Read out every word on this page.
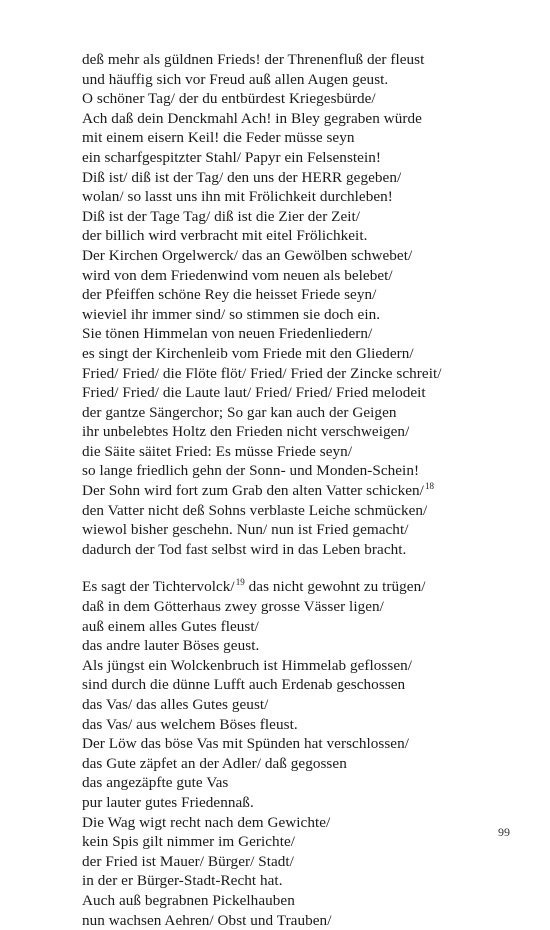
deß mehr als güldnen Frieds! der Threnenfluß der fleust
und häuffig sich vor Freud auß allen Augen geust.
O schöner Tag/ der du entbürdest Kriegesbürde/
Ach daß dein Denckmahl Ach! in Bley gegraben würde
mit einem eisern Keil! die Feder müsse seyn
ein scharfgespitzter Stahl/ Papyr ein Felsenstein!
Diß ist/ diß ist der Tag/ den uns der HERR gegeben/
wolan/ so lasst uns ihn mit Frölichkeit durchleben!
Diß ist der Tage Tag/ diß ist die Zier der Zeit/
der billich wird verbracht mit eitel Frölichkeit.
Der Kirchen Orgelwerck/ das an Gewölben schwebet/
wird von dem Friedenwind vom neuen als belebet/
der Pfeiffen schöne Rey die heisset Friede seyn/
wieviel ihr immer sind/ so stimmen sie doch ein.
Sie tönen Himmelan von neuen Friedenliedern/
es singt der Kirchenleib vom Friede mit den Gliedern/
Fried/ Fried/ die Flöte flöt/ Fried/ Fried der Zincke schreit/
Fried/ Fried/ die Laute laut/ Fried/ Fried/ Fried melodeit
der gantze Sängerchor; So gar kan auch der Geigen
ihr unbelebtes Holtz den Frieden nicht verschweigen/
die Säite säitet Fried: Es müsse Friede seyn/
so lange friedlich gehn der Sonn- und Monden-Schein!
Der Sohn wird fort zum Grab den alten Vatter schicken/$^{18}$
den Vatter nicht deß Sohns verblaste Leiche schmücken/
wiewol bisher geschehn. Nun/ nun ist Fried gemacht/
dadurch der Tod fast selbst wird in das Leben bracht.
Es sagt der Tichtervolck/$^{19}$ das nicht gewohnt zu trügen/
daß in dem Götterhaus zwey grosse Vässer ligen/
auß einem alles Gutes fleust/
das andre lauter Böses geust.
Als jüngst ein Wolckenbruch ist Himmelab geflossen/
sind durch die dünne Lufft auch Erdenab geschossen
das Vas/ das alles Gutes geust/
das Vas/ aus welchem Böses fleust.
Der Löw das böse Vas mit Spünden hat verschlossen/
das Gute zäpfet an der Adler/ daß gegossen
das angezäpfte gute Vas
pur lauter gutes Friedennaß.
Die Wag wigt recht nach dem Gewichte/
kein Spis gilt nimmer im Gerichte/
der Fried ist Mauer/ Bürger/ Stadt/
in der er Bürger-Stadt-Recht hat.
Auch auß begrabnen Pickelhauben
nun wachsen Aehren/ Obst und Trauben/
99
